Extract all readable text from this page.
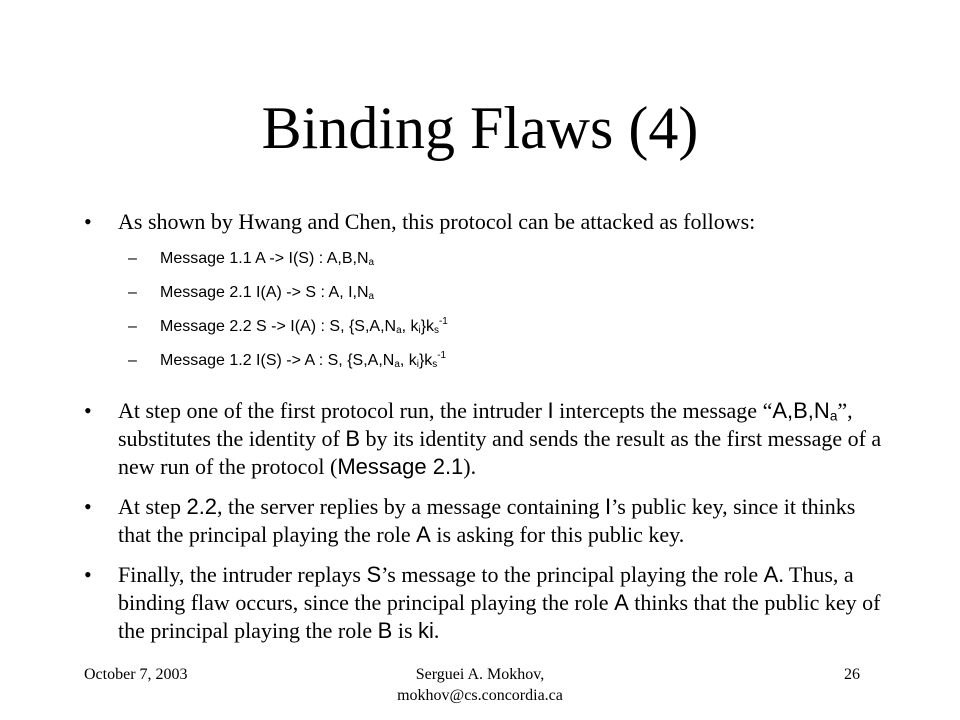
Binding Flaws (4)
• As shown by Hwang and Chen, this protocol can be attacked as follows:
– Message 1.1 A -> I(S) : $A,B,N_a$
– Message 2.1 I(A) -> S : A, $I,N_a$
– Message 2.2 S -> I(A) : S, {$S,A,N_a$, $k_i\}k_s^{-1}$
– Message 1.2 I(S) -> A : S, {$S,A,N_a$, $k_i\}k_s^{-1}$
• At step one of the first protocol run, the intruder I intercepts the message “$A,B,N_a$”, substitutes the identity of B by its identity and sends the result as the first message of a new run of the protocol (Message 2.1).
• At step 2.2, the server replies by a message containing I’s public key, since it thinks that the principal playing the role A is asking for this public key.
• Finally, the intruder replays S’s message to the principal playing the role A. Thus, a binding flaw occurs, since the principal playing the role A thinks that the public key of the principal playing the role B is ki.
October 7, 2003	Serguei A. Mokhov,
mokhov@cs.concordia.ca
26
